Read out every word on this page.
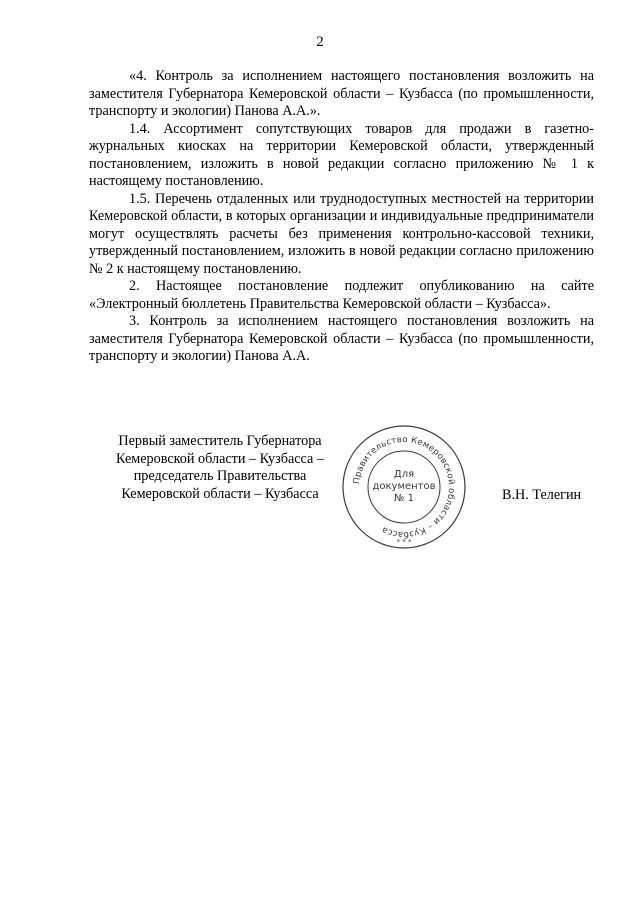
2

«4. Контроль за исполнением настоящего постановления возложить на заместителя Губернатора Кемеровской области – Кузбасса (по промышленности, транспорту и экологии) Панова А.А.».

1.4. Ассортимент сопутствующих товаров для продажи в газетно-журнальных киосках на территории Кемеровской области, утвержденный постановлением, изложить в новой редакции согласно приложению № 1 к настоящему постановлению.

1.5. Перечень отдаленных или труднодоступных местностей на территории Кемеровской области, в которых организации и индивидуальные предприниматели могут осуществлять расчеты без применения контрольно-кассовой техники, утвержденный постановлением, изложить в новой редакции согласно приложению № 2 к настоящему постановлению.

2. Настоящее постановление подлежит опубликованию на сайте «Электронный бюллетень Правительства Кемеровской области – Кузбасса».

3. Контроль за исполнением настоящего постановления возложить на заместителя Губернатора Кемеровской области – Кузбасса (по промышленности, транспорту и экологии) Панова А.А.

Первый заместитель Губернатора
Кемеровской области – Кузбасса –
председатель Правительства
Кемеровской области – Кузбасса	В.Н. Телегин
Правительство Кемеровской области – Кузбасса
* * *
Для
документов
№ 1
